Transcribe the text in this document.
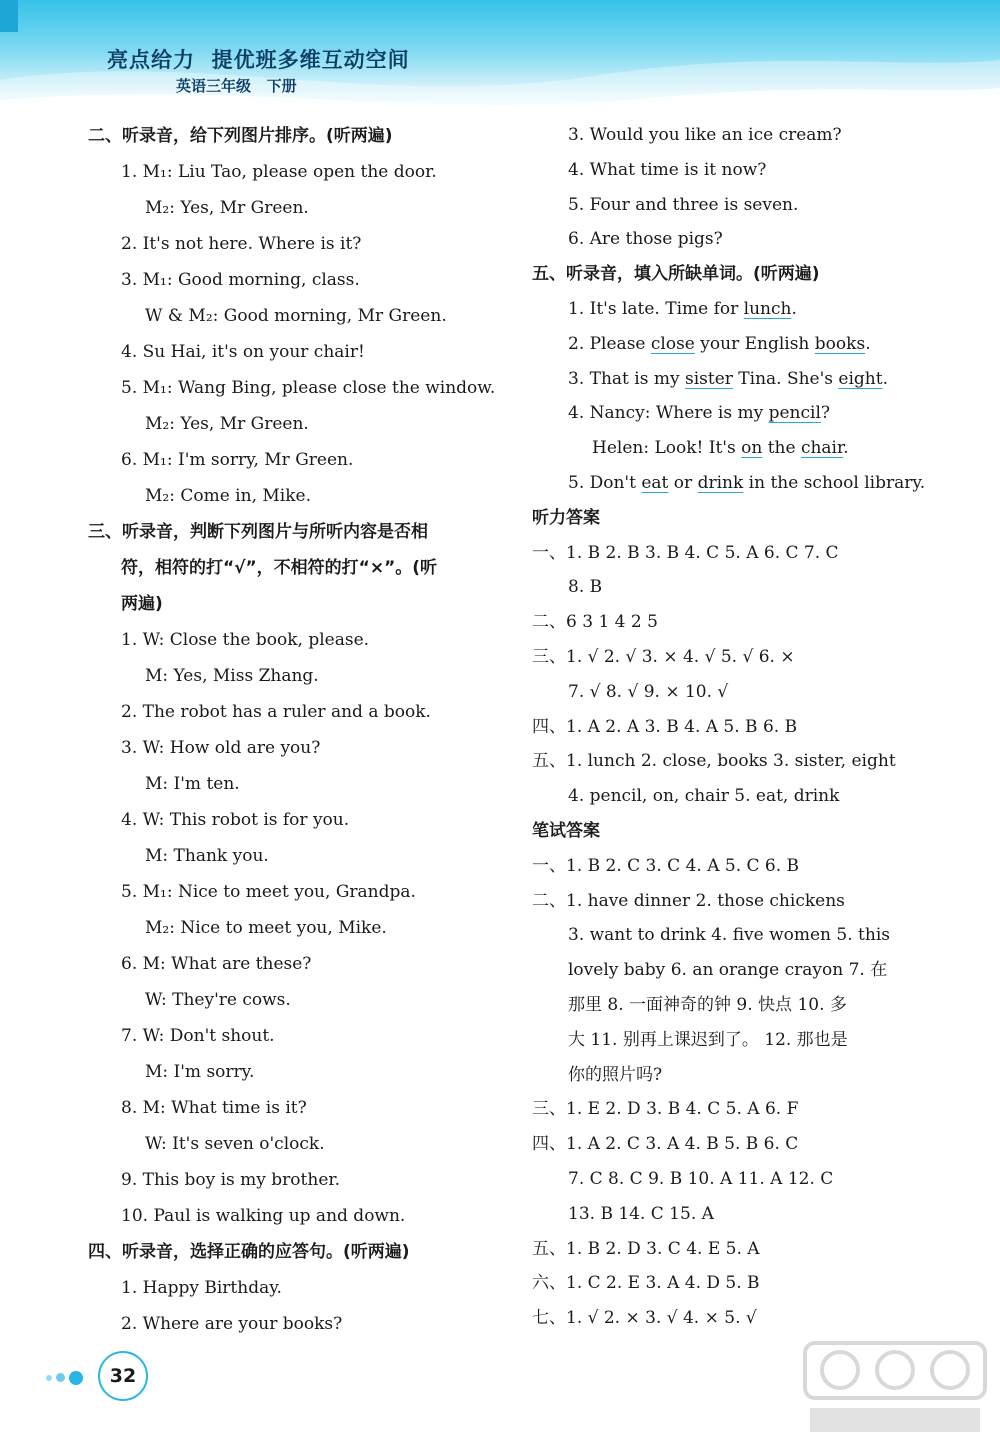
亮点给力  提优班多维互动空间
英语三年级   下册
二、听录音，给下列图片排序。(听两遍)
1. M₁: Liu Tao, please open the door.
M₂: Yes, Mr Green.
2. It's not here. Where is it?
3. M₁: Good morning, class.
W & M₂: Good morning, Mr Green.
4. Su Hai, it's on your chair!
5. M₁: Wang Bing, please close the window.
M₂: Yes, Mr Green.
6. M₁: I'm sorry, Mr Green.
M₂: Come in, Mike.
三、听录音，判断下列图片与所听内容是否相
符，相符的打“√”，不相符的打“×”。(听
两遍)
1. W: Close the book, please.
M: Yes, Miss Zhang.
2. The robot has a ruler and a book.
3. W: How old are you?
M: I'm ten.
4. W: This robot is for you.
M: Thank you.
5. M₁: Nice to meet you, Grandpa.
M₂: Nice to meet you, Mike.
6. M: What are these?
W: They're cows.
7. W: Don't shout.
M: I'm sorry.
8. M: What time is it?
W: It's seven o'clock.
9. This boy is my brother.
10. Paul is walking up and down.
四、听录音，选择正确的应答句。(听两遍)
1. Happy Birthday.
2. Where are your books?
3. Would you like an ice cream?
4. What time is it now?
5. Four and three is seven.
6. Are those pigs?
五、听录音，填入所缺单词。(听两遍)
1. It's late. Time for lunch.
2. Please close your English books.
3. That is my sister Tina. She's eight.
4. Nancy: Where is my pencil?
Helen: Look! It's on the chair.
5. Don't eat or drink in the school library.
听力答案
一、1. B 2. B 3. B 4. C 5. A 6. C 7. C
8. B
二、6 3 1 4 2 5
三、1. √ 2. √ 3. × 4. √ 5. √ 6. ×
7. √ 8. √ 9. × 10. √
四、1. A 2. A 3. B 4. A 5. B 6. B
五、1. lunch 2. close, books 3. sister, eight
4. pencil, on, chair 5. eat, drink
笔试答案
一、1. B 2. C 3. C 4. A 5. C 6. B
二、1. have dinner 2. those chickens
3. want to drink 4. five women 5. this
lovely baby 6. an orange crayon 7. 在
那里 8. 一面神奇的钟 9. 快点 10. 多
大 11. 别再上课迟到了。 12. 那也是
你的照片吗?
三、1. E 2. D 3. B 4. C 5. A 6. F
四、1. A 2. C 3. A 4. B 5. B 6. C
7. C 8. C 9. B 10. A 11. A 12. C
13. B 14. C 15. A
五、1. B 2. D 3. C 4. E 5. A
六、1. C 2. E 3. A 4. D 5. B
七、1. √ 2. × 3. √ 4. × 5. √
32
